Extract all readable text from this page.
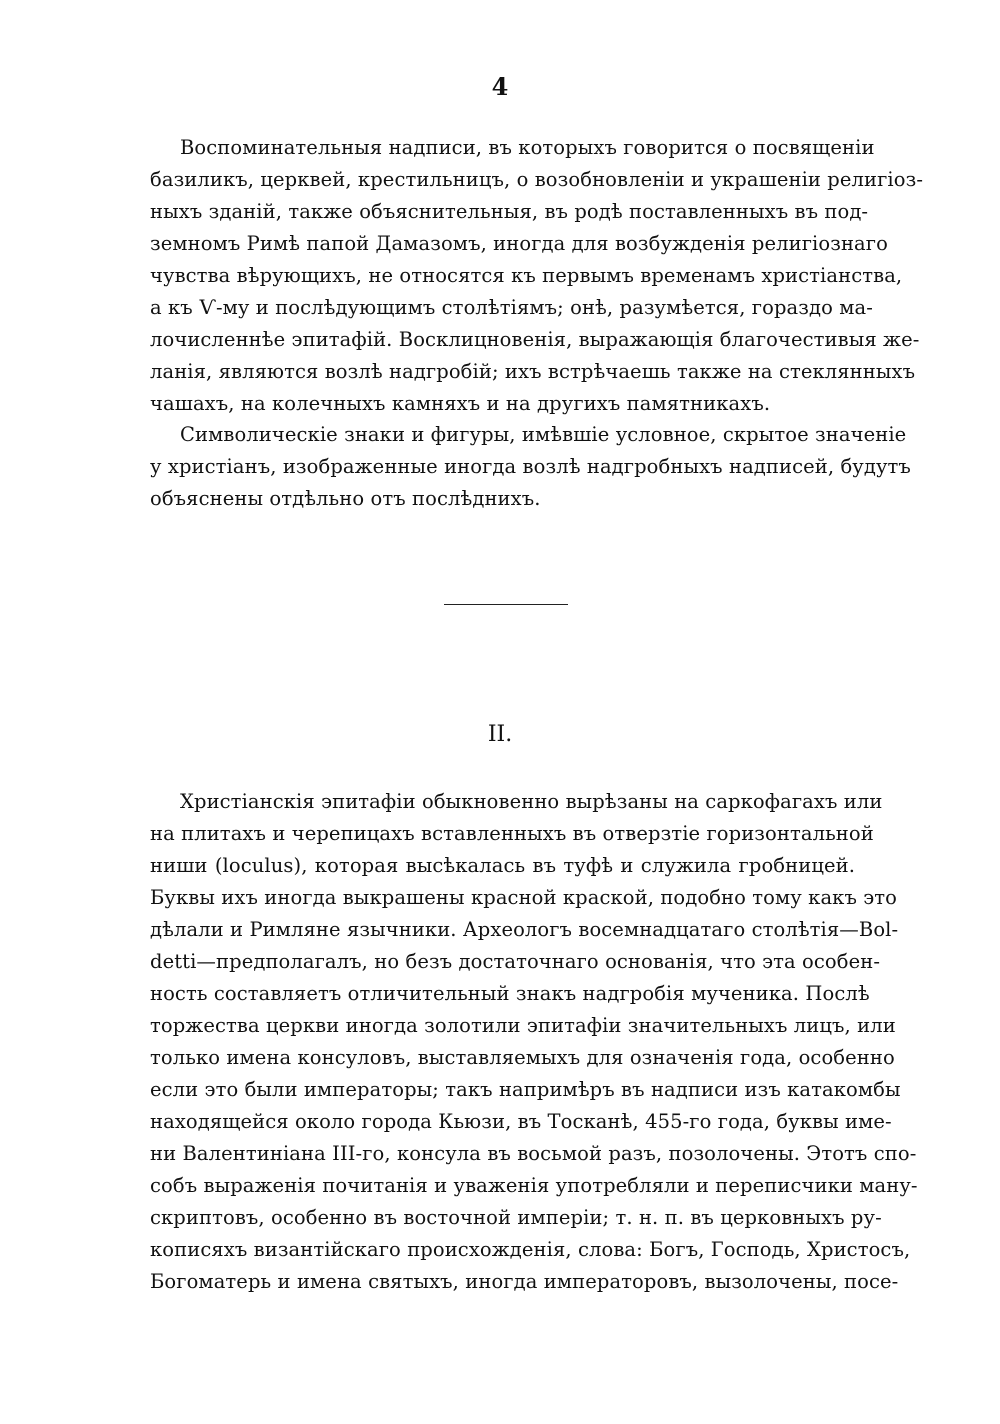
4
Воспоминательныя надписи, въ которыхъ говорится о посвященіи
базиликъ, церквей, крестильницъ, о возобновленіи и украшеніи религіоз-
ныхъ зданій, также объяснительныя, въ родѣ поставленныхъ въ под-
земномъ Римѣ папой Дамазомъ, иногда для возбужденія религіознаго
чувства вѣрующихъ, не относятся къ первымъ временамъ христіанства,
а къ Ѵ-му и послѣдующимъ столѣтіямъ; онѣ, разумѣется, гораздо ма-
лочисленнѣе эпитафій. Восклицновенія, выражающія благочестивыя же-
ланія, являются возлѣ надгробій; ихъ встрѣчаешь также на стеклянныхъ
чашахъ, на колечныхъ камняхъ и на другихъ памятникахъ.
Символическіе знаки и фигуры, имѣвшіе условное, скрытое значеніе
у христіанъ, изображенные иногда возлѣ надгробныхъ надписей, будутъ
объяснены отдѣльно отъ послѣднихъ.
II.
Христіанскія эпитафіи обыкновенно вырѣзаны на саркофагахъ или
на плитахъ и черепицахъ вставленныхъ въ отверзтіе горизонтальной
ниши (loculus), которая высѣкалась въ туфѣ и служила гробницей.
Буквы ихъ иногда выкрашены красной краской, подобно тому какъ это
дѣлали и Римляне язычники. Археологъ восемнадцатаго столѣтія—Bol-
detti—предполагалъ, но безъ достаточнаго основанія, что эта особен-
ность составляетъ отличительный знакъ надгробія мученика. Послѣ
торжества церкви иногда золотили эпитафіи значительныхъ лицъ, или
только имена консуловъ, выставляемыхъ для означенія года, особенно
если это были императоры; такъ напримѣръ въ надписи изъ катакомбы
находящейся около города Кьюзи, въ Тосканѣ, 455-го года, буквы име-
ни Валентиніана III-го, консула въ восьмой разъ, позолочены. Этотъ спо-
собъ выраженія почитанія и уваженія употребляли и переписчики ману-
скриптовъ, особенно въ восточной имперіи; т. н. п. въ церковныхъ ру-
кописяхъ византійскаго происхожденія, слова: Богъ, Господь, Христосъ,
Богоматерь и имена святыхъ, иногда императоровъ, вызолочены, посе-
